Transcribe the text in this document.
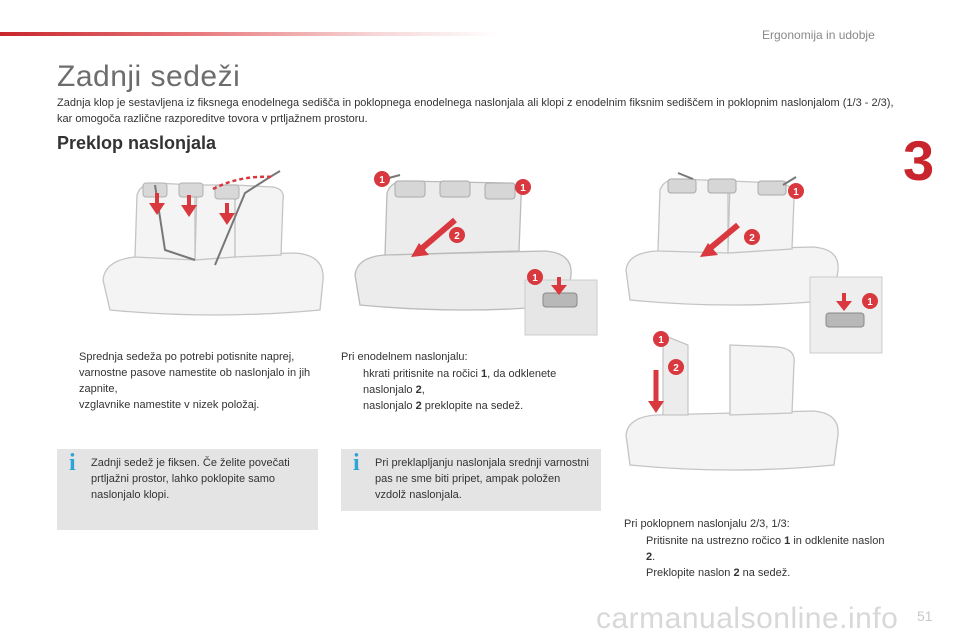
Ergonomija in udobje
3
Zadnji sedeži
Zadnja klop je sestavljena iz fiksnega enodelnega sedišča in poklopnega enodelnega naslonjala ali klopi z enodelnim fiksnim sediščem in poklopnim naslonjalom (1/3 - 2/3), kar omogoča različne razporeditve tovora v prtljažnem prostoru.
Preklop naslonjala
1
1
2
1
1
2
1
1
2
Sprednja sedeža po potrebi potisnite naprej,
varnostne pasove namestite ob naslonjalo in jih zapnite,
vzglavnike namestite v nizek položaj.
i Zadnji sedež je fiksen. Če želite povečati prtljažni prostor, lahko poklopite samo naslonjalo klopi.

Pri enodelnem naslonjalu:

hkrati pritisnite na ročici 1, da odklenete naslonjalo 2,
naslonjalo 2 preklopite na sedež.
i Pri preklapljanju naslonjala srednji varnostni pas ne sme biti pripet, ampak položen vzdolž naslonjala.

Pri poklopnem naslonjalu 2/3, 1/3:

Pritisnite na ustrezno ročico 1 in odklenite naslon 2.
Preklopite naslon 2 na sedež.
carmanualsonline.info 51
